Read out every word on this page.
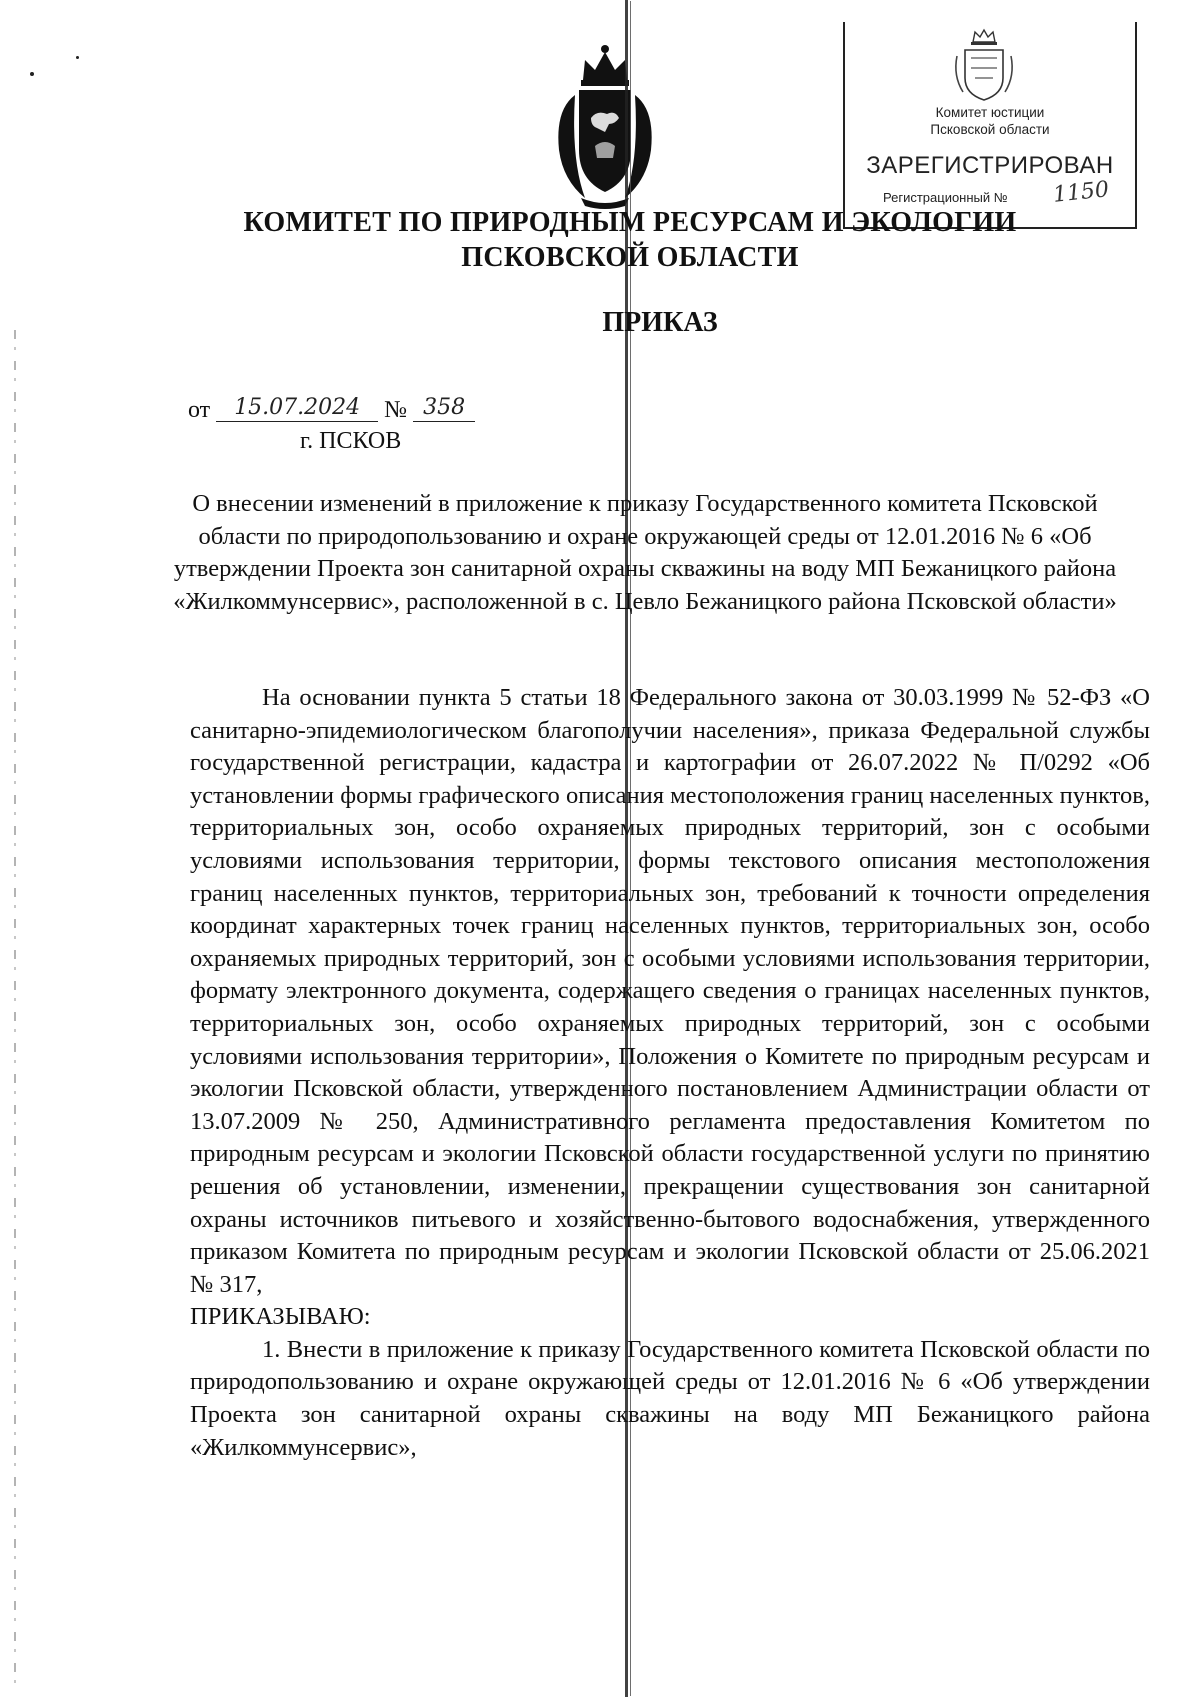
Комитет юстиции
Псковской области
ЗАРЕГИСТРИРОВАН
Регистрационный №	1150
КОМИТЕТ ПО ПРИРОДНЫМ РЕСУРСАМ И ЭКОЛОГИИ
ПСКОВСКОЙ ОБЛАСТИ
ПРИКАЗ
от 15.07.2024 № 358
г. ПСКОВ
О внесении изменений в приложение к приказу Государственного комитета Псковской области по природопользованию и охране окружающей среды от 12.01.2016 № 6 «Об утверждении Проекта зон санитарной охраны скважины на воду МП Бежаницкого района «Жилкоммунсервис», расположенной в с. Цевло Бежаницкого района Псковской области»

На основании пункта 5 статьи 18 Федерального закона от 30.03.1999 № 52-ФЗ «О санитарно-эпидемиологическом благополучии населения», приказа Федеральной службы государственной регистрации, кадастра и картографии от 26.07.2022 № П/0292 «Об установлении формы графического описания местоположения границ населенных пунктов, территориальных зон, особо охраняемых природных территорий, зон с особыми условиями использования территории, формы текстового описания местоположения границ населенных пунктов, территориальных зон, требований к точности определения координат характерных точек границ населенных пунктов, территориальных зон, особо охраняемых природных территорий, зон с особыми условиями использования территории, формату электронного документа, содержащего сведения о границах населенных пунктов, территориальных зон, особо охраняемых природных территорий, зон с особыми условиями использования территории», Положения о Комитете по природным ресурсам и экологии Псковской области, утвержденного постановлением Администрации области от 13.07.2009 № 250, Административного регламента предоставления Комитетом по природным ресурсам и экологии Псковской области государственной услуги по принятию решения об установлении, изменении, прекращении существования зон санитарной охраны источников питьевого и хозяйственно-бытового водоснабжения, утвержденного приказом Комитета по природным ресурсам и экологии Псковской области от 25.06.2021 № 317,

ПРИКАЗЫВАЮ:

1. Внести в приложение к приказу Государственного комитета Псковской области по природопользованию и охране окружающей среды от 12.01.2016 № 6 «Об утверждении Проекта зон санитарной охраны скважины на воду МП Бежаницкого района «Жилкоммунсервис»,
